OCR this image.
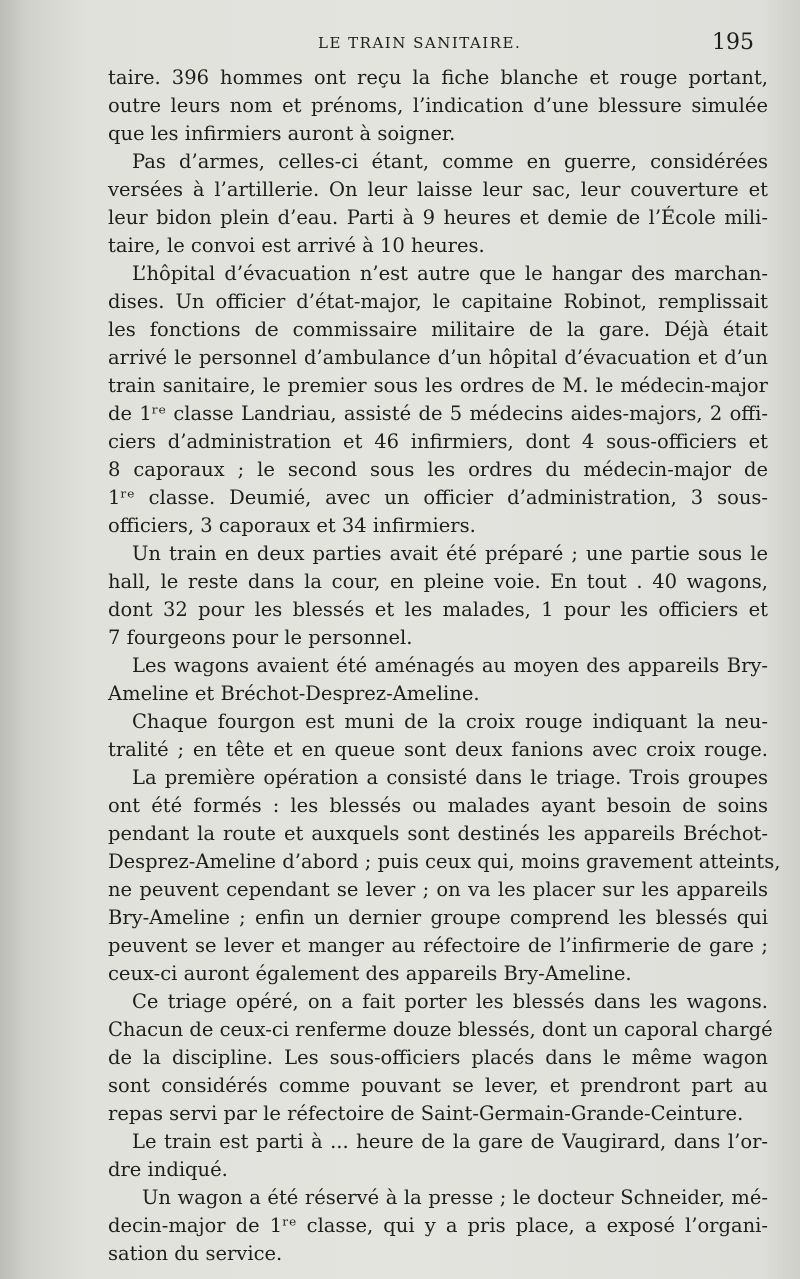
LE TRAIN SANITAIRE.	195
taire. 396 hommes ont reçu la fiche blanche et rouge portant,
outre leurs nom et prénoms, l’indication d’une blessure simulée
que les infirmiers auront à soigner.
Pas d’armes, celles-ci étant, comme en guerre, considérées
versées à l’artillerie. On leur laisse leur sac, leur couverture et
leur bidon plein d’eau. Parti à 9 heures et demie de l’École mili-
taire, le convoi est arrivé à 10 heures.
L’hôpital d’évacuation n’est autre que le hangar des marchan-
dises. Un officier d’état-major, le capitaine Robinot, remplissait
les fonctions de commissaire militaire de la gare. Déjà était
arrivé le personnel d’ambulance d’un hôpital d’évacuation et d’un
train sanitaire, le premier sous les ordres de M. le médecin-major
de 1ʳᵉ classe Landriau, assisté de 5 médecins aides-majors, 2 offi-
ciers d’administration et 46 infirmiers, dont 4 sous-officiers et
8 caporaux ; le second sous les ordres du médecin-major de
1ʳᵉ classe. Deumié, avec un officier d’administration, 3 sous-
officiers, 3 caporaux et 34 infirmiers.
Un train en deux parties avait été préparé ; une partie sous le
hall, le reste dans la cour, en pleine voie. En tout . 40 wagons,
dont 32 pour les blessés et les malades, 1 pour les officiers et
7 fourgeons pour le personnel.
Les wagons avaient été aménagés au moyen des appareils Bry-
Ameline et Bréchot-Desprez-Ameline.
Chaque fourgon est muni de la croix rouge indiquant la neu-
tralité ; en tête et en queue sont deux fanions avec croix rouge.
La première opération a consisté dans le triage. Trois groupes
ont été formés : les blessés ou malades ayant besoin de soins
pendant la route et auxquels sont destinés les appareils Bréchot-
Desprez-Ameline d’abord ; puis ceux qui, moins gravement atteints,
ne peuvent cependant se lever ; on va les placer sur les appareils
Bry-Ameline ; enfin un dernier groupe comprend les blessés qui
peuvent se lever et manger au réfectoire de l’infirmerie de gare ;
ceux-ci auront également des appareils Bry-Ameline.
Ce triage opéré, on a fait porter les blessés dans les wagons.
Chacun de ceux-ci renferme douze blessés, dont un caporal chargé
de la discipline. Les sous-officiers placés dans le même wagon
sont considérés comme pouvant se lever, et prendront part au
repas servi par le réfectoire de Saint-Germain-Grande-Ceinture.
Le train est parti à ... heure de la gare de Vaugirard, dans l’or-
dre indiqué.
Un wagon a été réservé à la presse ; le docteur Schneider, mé-
decin-major de 1ʳᵉ classe, qui y a pris place, a exposé l’organi-
sation du service.
